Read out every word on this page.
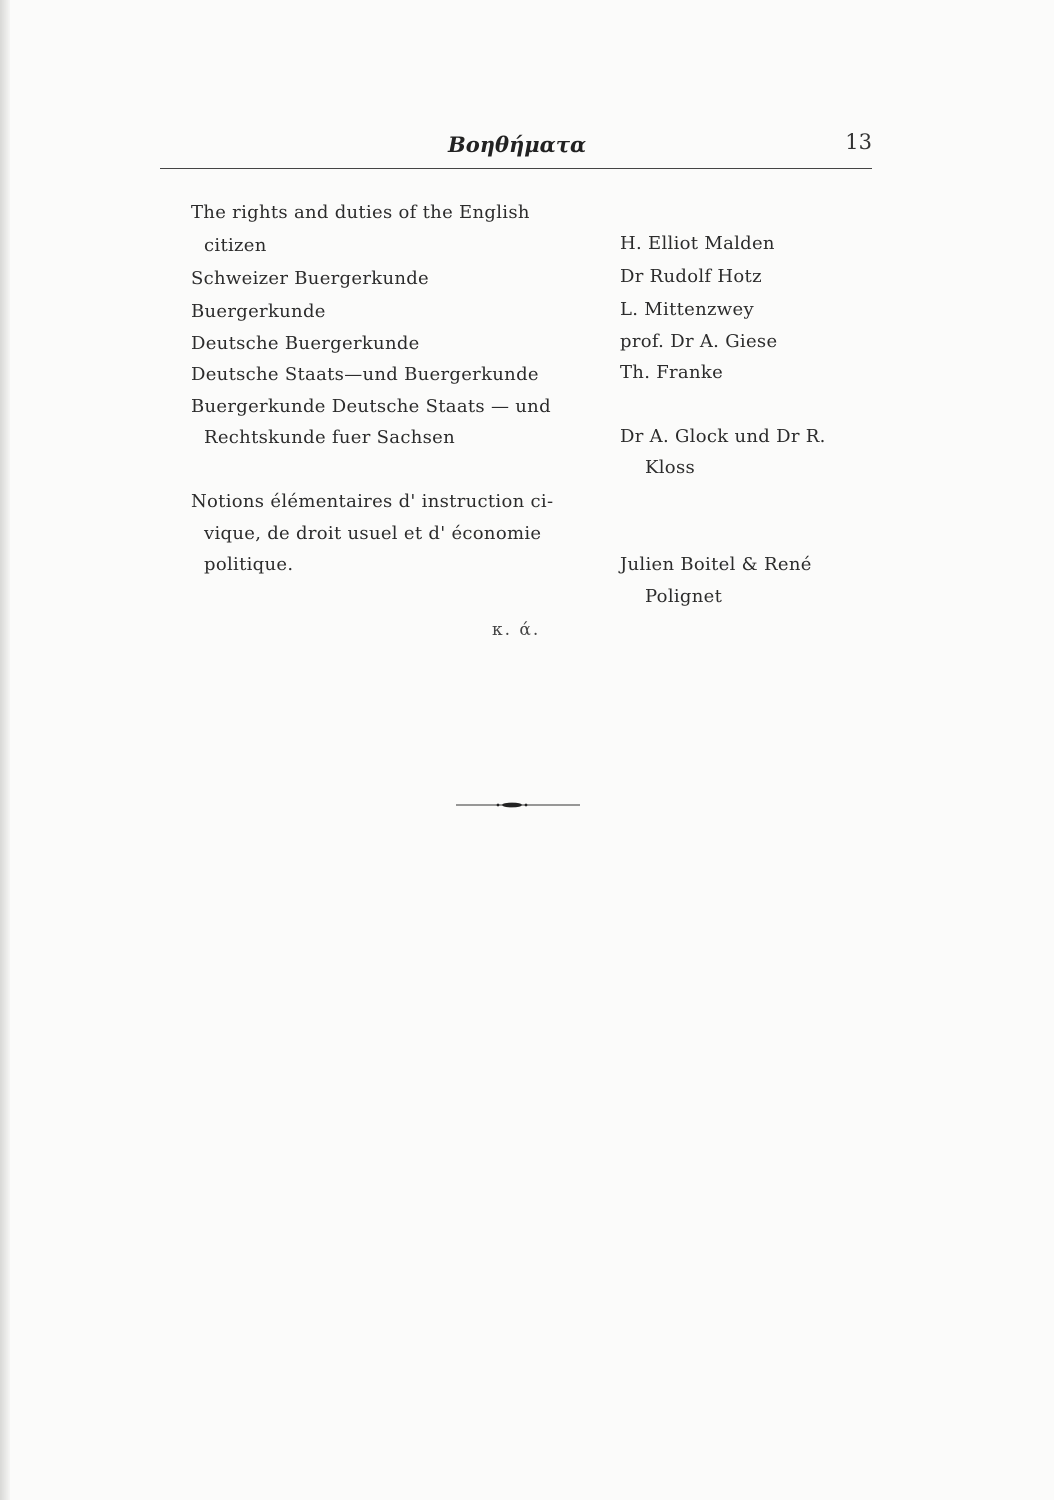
Βοηθήματα	13
The rights and duties of the English
citizen	H. Elliot Malden
Schweizer Buergerkunde	Dr Rudolf Hotz
Buergerkunde	L. Mittenzwey
Deutsche Buergerkunde	prof. Dr A. Giese
Deutsche Staats—und Buergerkunde	Th. Franke
Buergerkunde Deutsche Staats — und
Rechtskunde fuer Sachsen	Dr A. Glock und Dr R.
Kloss
Notions élémentaires d' instruction ci-
vique, de droit usuel et d' économie
politique.	Julien Boitel & René
Polignet
κ. ά.
